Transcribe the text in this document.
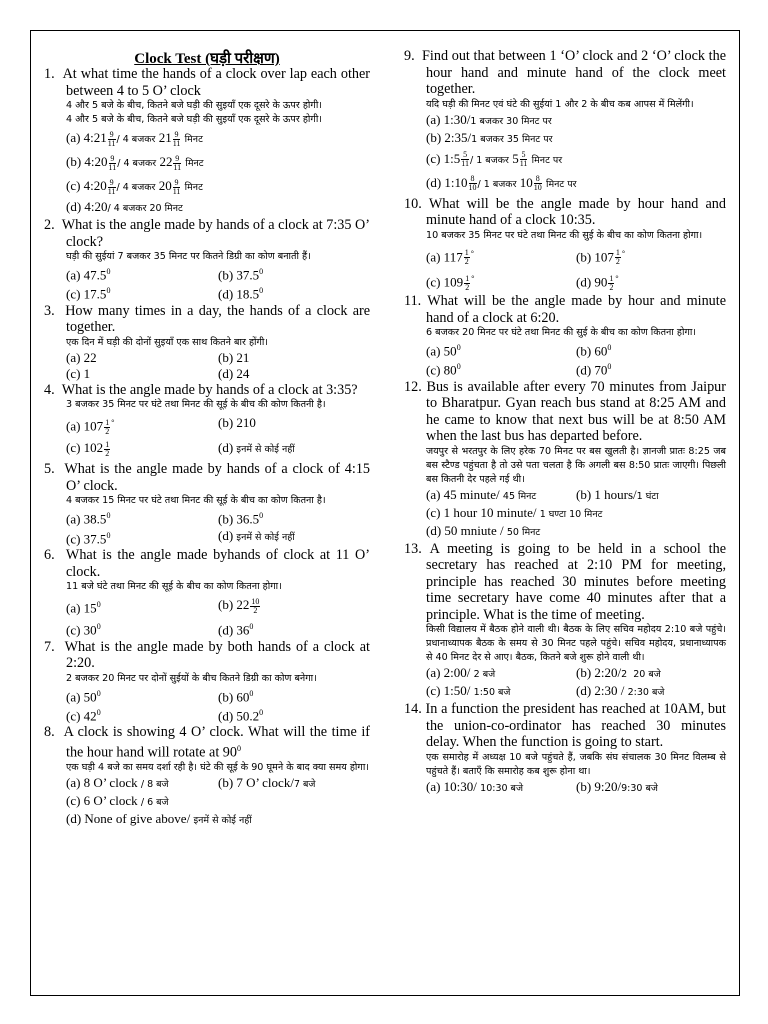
Clock Test (घड़ी परीक्षण)
1. At what time the hands of a clock over lap each other between 4 to 5 O’ clock
4 और 5 बजे के बीच, कितने बजे घड़ी की सुइयाँ एक दूसरे के ऊपर होगी।
4 और 5 बजे के बीच, कितने बजे घड़ी की सुइयाँ एक दूसरे के ऊपर होगी।
(a) 4:21 $\frac{9}{11} / 4$ बजकर $21 \frac{9}{11}$ मिनट
(b) 4:20 $\frac{9}{11} / 4$ बजकर $22 \frac{9}{11}$ मिनट
(c) 4:20 $\frac{9}{11} / 4$ बजकर $20 \frac{9}{11}$ मिनट
(d) 4:20/ 4 बजकर 20 मिनट
2. What is the angle made by hands of a clock at 7:35 O’ clock?
घड़ी की सुईयां 7 बजकर 35 मिनट पर कितने डिग्री का कोण बनाती हैं।
(a) 47.5$^0$	(b) 37.5$^0$
(c) 17.5$^0$	(d) 18.5$^0$
3. How many times in a day, the hands of a clock are together.
एक दिन में घड़ी की दोनों सुइयाँ एक साथ कितने बार होंगी।
(a) 22	(b) 21
(c) 1	(d) 24
4. What is the angle made by hands of a clock at 3:35?
3 बजकर 35 मिनट पर घंटे तथा मिनट की सूई के बीच की कोण कितनी है।
(a) $107 \frac{1}{2} ^\circ$	(b) 210
(c) $102 \frac{1}{2}$	(d) इनमें से कोई नहीं
5. What is the angle made by hands of a clock of 4:15 O’ clock.
4 बजकर 15 मिनट पर घंटे तथा मिनट की सूई के बीच का कोण कितना है।
(a) 38.5$^0$	(b) 36.5$^0$
(c) 37.5$^0$	(d) इनमें से कोई नहीं
6. What is the angle made byhands of clock at 11 O’ clock.
11 बजे घंटे तथा मिनट की सूई के बीच का कोण कितना होगा।
(a) $15^0$	(b) $22 \frac{10}{2}$
(c) $30^0$	(d) $36^0$
7. What is the angle made by both hands of a clock at 2:20.
2 बजकर 20 मिनट पर दोनों सुईयों के बीच कितने डिग्री का कोण बनेगा।
(a) $50^0$	(b) $60^0$
(c) $42^0$	(d) 50.2$^0$
8. A clock is showing 4 O’ clock. What will the time if the hour hand will rotate at $90^0$
एक घड़ी 4 बजे का समय दर्शा रही है। घंटे की सूई के 90 घूमने के बाद क्या समय होगा।
(a) 8 O’ clock / 8 बजे	(b) 7 O’ clock/7 बजे
(c) 6 O’ clock / 6 बजे
(d) None of give above/ इनमें से कोई नहीं
9. Find out that between 1 ‘O’ clock and 2 ‘O’ clock the hour hand and minute hand of the clock meet together.
यदि घड़ी की मिनट एवं घंटे की सुईयां 1 और 2 के बीच कब आपस में मिलेंगी।
(a) 1:30/1 बजकर 30 मिनट पर
(b) 2:35/1 बजकर 35 मिनट पर
(c) 1:5 $\frac{5}{11} / 1$ बजकर $5 \frac{5}{11}$ मिनट पर
(d) 1:10 $\frac{8}{10} / 1$ बजकर $10 \frac{8}{10}$ मिनट पर
10. What will be the angle made by hour hand and minute hand of a clock 10:35.
10 बजकर 35 मिनट पर घंटे तथा मिनट की सुई के बीच का कोण कितना होगा।
(a) $117 \frac{1}{2} ^\circ$	(b) $107 \frac{1}{2} ^\circ$
(c) $109 \frac{1}{2} ^\circ$	(d) $90 \frac{1}{2} ^\circ$
11. What will be the angle made by hour and minute hand of a clock at 6:20.
6 बजकर 20 मिनट पर घंटे तथा मिनट की सुई के बीच का कोण कितना होगा।
(a) $50^0$	(b) $60^0$
(c) $80^0$	(d) $70^0$
12. Bus is available after every 70 minutes from Jaipur to Bharatpur. Gyan reach bus stand at 8:25 AM and he came to know that next bus will be at 8:50 AM when the last bus has departed before.
जयपुर से भरतपुर के लिए हरेक 70 मिनट पर बस खुलती है। ज्ञानजी प्रातः 8:25 जब बस स्टैण्ड पहुंचता है तो उसे पता चलता है कि अगली बस 8:50 प्रातः जाएगी। पिछली बस कितनी देर पहले गई थी।
(a) 45 minute/ 45 मिनट	(b) 1 hours/1 घंटा
(c) 1 hour 10 minute/ 1 घण्टा 10 मिनट
(d) 50 mniute / 50 मिनट
13. A meeting is going to be held in a school the secretary has reached at 2:10 PM for meeting, principle has reached 30 minutes before meeting time secretary have come 40 minutes after that a principle. What is the time of meeting.
किसी विद्यालय में बैठक होने वाली थी। बैठक के लिए सचिव महोदय 2:10 बजे पहुंचे। प्रधानाध्यापक बैठक के समय से 30 मिनट पहले पहुंचे। सचिव महोदय, प्रधानाध्यापक से 40 मिनट देर से आए। बैठक, कितने बजे शुरू होने वाली थी।
(a) 2:00/ 2 बजे	(b) 2:20/2  20 बजे
(c) 1:50/ 1:50 बजे	(d) 2:30 / 2:30 बजे
14. In a function the president has reached at 10AM, but the union-co-ordinator has reached 30 minutes delay. When the function is going to start.
एक समारोह में अध्यक्ष 10 बजे पहुंचते हैं, जबकि संघ संचालक 30 मिनट विलम्ब से पहुंचते हैं। बताएँ कि समारोह कब शुरू होना था।
(a) 10:30/ 10:30 बजे	(b) 9:20/9:30 बजे
